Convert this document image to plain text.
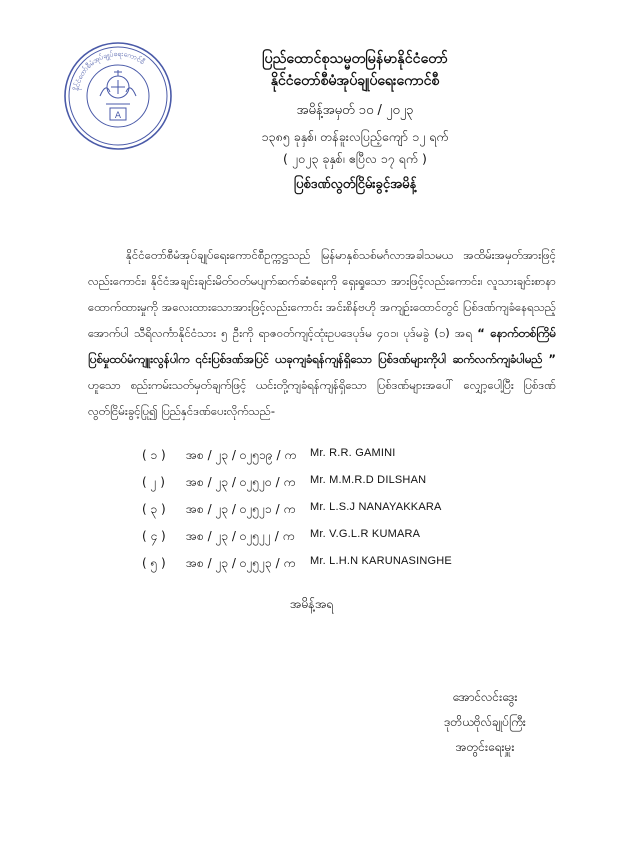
နိုင်ငံတော်စီမံအုပ်ချုပ်ရေးကောင်စီ
A
ပြည်ထောင်စုသမ္မတမြန်မာနိုင်ငံတော်
နိုင်ငံတော်စီမံအုပ်ချုပ်ရေးကောင်စီ
အမိန့်အမှတ် ၁၀ / ၂၀၂၃
၁၃၈၅ ခုနှစ်၊ တန်ခူးလပြည့်ကျော် ၁၂ ရက်
( ၂၀၂၃ ခုနှစ်၊ ဧပြီလ ၁၇ ရက် )
ပြစ်ဒဏ်လွတ်ငြိမ်းခွင့်အမိန့်
နိုင်ငံတော်စီမံအုပ်ချုပ်ရေးကောင်စီဥက္ကဋ္ဌသည် မြန်မာနှစ်သစ်မင်္ဂလာအခါသမယ အထိမ်းအမှတ်အားဖြင့်လည်းကောင်း၊ နိုင်ငံအချင်းချင်းမိတ်ဝတ်မပျက်ဆက်ဆံရေးကို ရှေးရှုသော အားဖြင့်လည်းကောင်း၊ လူသားချင်းစာနာထောက်ထားမှုကို အလေးထားသောအားဖြင့်လည်းကောင်း အင်းစိန်ဗဟို အကျဉ်းထောင်တွင် ပြစ်ဒဏ်ကျခံနေရသည့် အောက်ပါ သီရိလင်္ကာနိုင်ငံသား ၅ ဦးကို ရာဇဝတ်ကျင့်ထုံးဥပဒေပုဒ်မ ၄၀၁၊ ပုဒ်မခွဲ (၁) အရ “ နောက်တစ်ကြိမ် ပြစ်မှုထပ်မံကျူးလွန်ပါက ၎င်းပြစ်ဒဏ်အပြင် ယခုကျခံရန်ကျန်ရှိသော ပြစ်ဒဏ်များကိုပါ ဆက်လက်ကျခံပါမည် ” ဟူသော စည်းကမ်းသတ်မှတ်ချက်ဖြင့် ယင်းတို့ကျခံရန်ကျန်ရှိသော ပြစ်ဒဏ်များအပေါ် လျှော့ပေါ့ပြီး ပြစ်ဒဏ် လွတ်ငြိမ်းခွင့်ပြု၍ ပြည်နှင်ဒဏ်ပေးလိုက်သည်-
( ၁ )	အစ / ၂၃ / ၀၂၅၁၉ / က Mr. R.R. GAMINI
( ၂ )	အစ / ၂၃ / ၀၂၅၂၀ / က Mr. M.M.R.D DILSHAN
( ၃ )	အစ / ၂၃ / ၀၂၅၂၁ / က Mr. L.S.J NANAYAKKARA
( ၄ )	အစ / ၂၃ / ၀၂၅၂၂ / က Mr. V.G.L.R KUMARA
( ၅ )	အစ / ၂၃ / ၀၂၅၂၃ / က Mr. L.H.N KARUNASINGHE
အမိန့်အရ
အောင်လင်းဒွေး
ဒုတိယဗိုလ်ချုပ်ကြီး
အတွင်းရေးမှူး
